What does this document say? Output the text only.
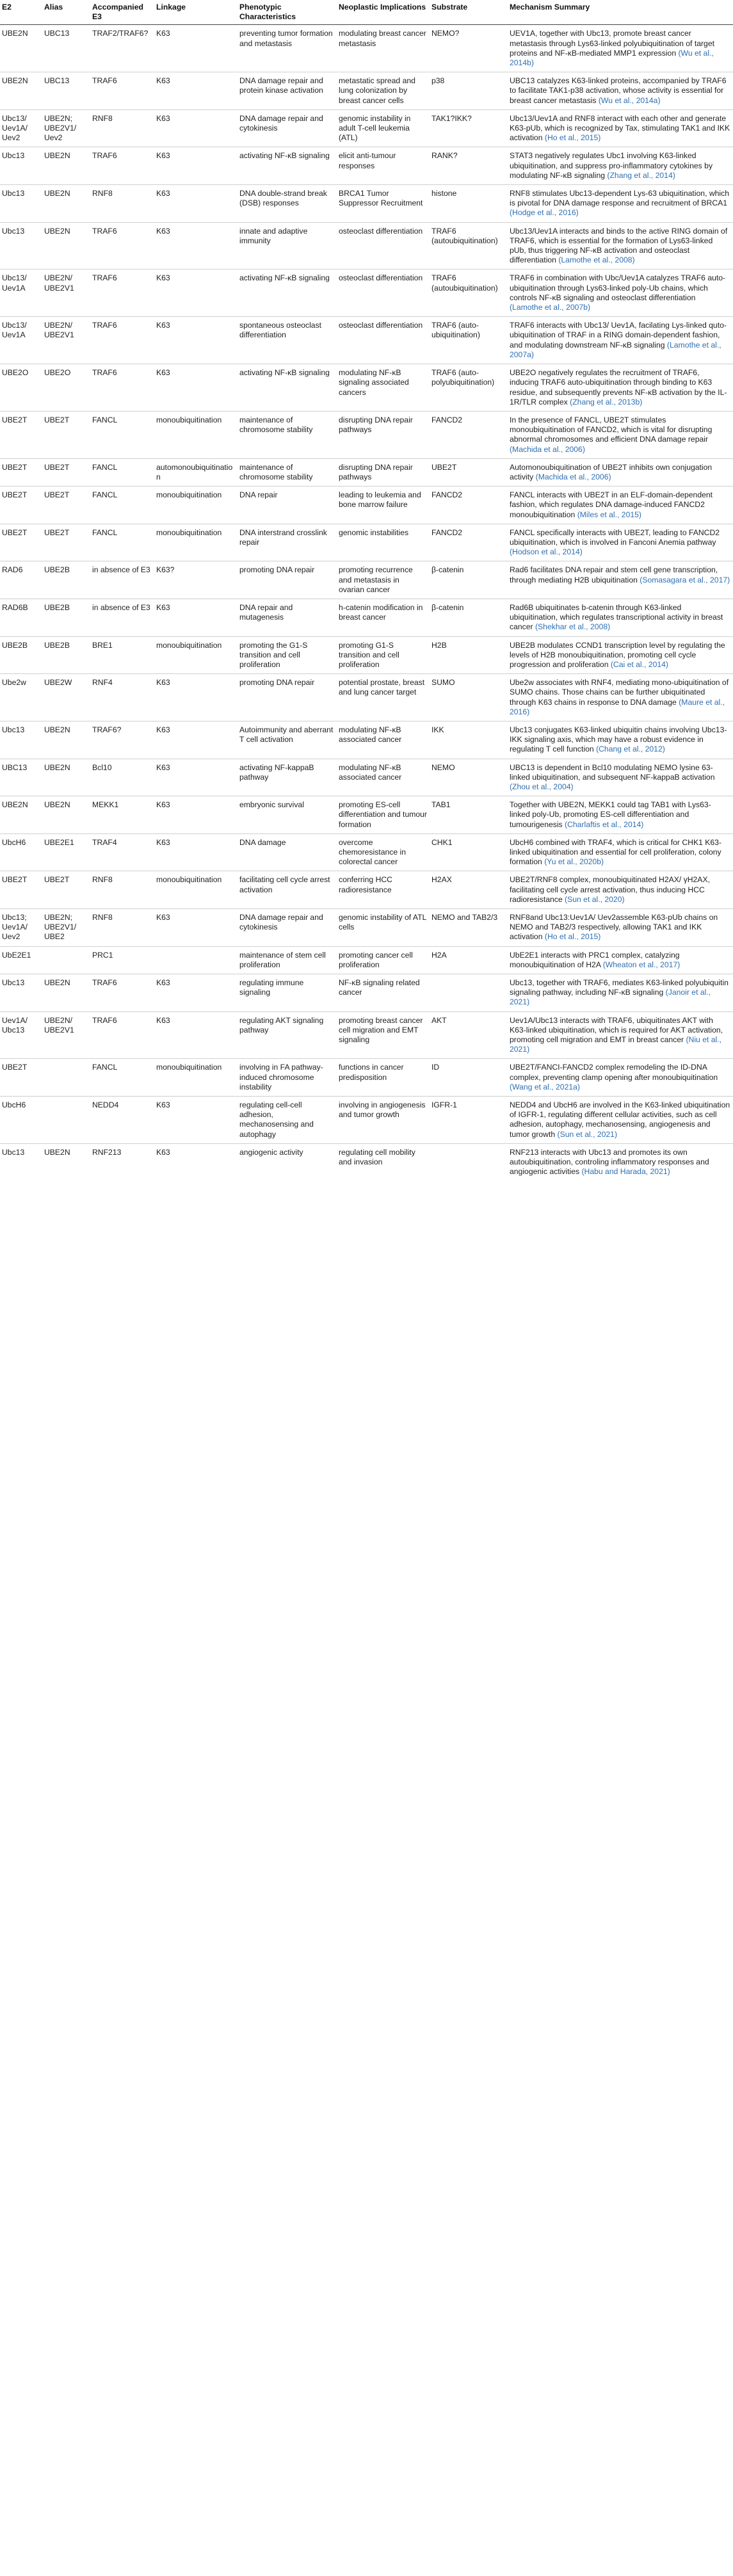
E2	Alias	Accompanied E3	Linkage	Phenotypic Characteristics	Neoplastic Implications	Substrate	Mechanism Summary
UBE2N	UBC13	TRAF2/TRAF6?	K63	preventing tumor formation and metastasis	modulating breast cancer metastasis	NEMO?	UEV1A, together with Ubc13, promote breast cancer metastasis through Lys63-linked polyubiquitination of target proteins and NF-κB-mediated MMP1 expression (Wu et al., 2014b)
UBE2N	UBC13	TRAF6	K63	DNA damage repair and protein kinase activation	metastatic spread and lung colonization by breast cancer cells	p38	UBC13 catalyzes K63-linked proteins, accompanied by TRAF6 to facilitate TAK1-p38 activation, whose activity is essential for breast cancer metastasis (Wu et al., 2014a)
Ubc13/ Uev1A/ Uev2	UBE2N; UBE2V1/ Uev2	RNF8	K63	DNA damage repair and cytokinesis	genomic instability in adult T-cell leukemia (ATL)	TAK1?IKK?	Ubc13/Uev1A and RNF8 interact with each other and generate K63-pUb, which is recognized by Tax, stimulating TAK1 and IKK activation (Ho et al., 2015)
Ubc13	UBE2N	TRAF6	K63	activating NF-κB signaling	elicit anti-tumour responses	RANK?	STAT3 negatively regulates Ubc1 involving K63-linked ubiquitination, and suppress pro-inflammatory cytokines by modulating NF-κB signaling (Zhang et al., 2014)
Ubc13	UBE2N	RNF8	K63	DNA double-strand break (DSB) responses	BRCA1 Tumor Suppressor Recruitment	histone	RNF8 stimulates Ubc13-dependent Lys-63 ubiquitination, which is pivotal for DNA damage response and recruitment of BRCA1 (Hodge et al., 2016)
Ubc13	UBE2N	TRAF6	K63	innate and adaptive immunity	osteoclast differentiation	TRAF6 (autoubiquitination)	Ubc13/Uev1A interacts and binds to the active RING domain of TRAF6, which is essential for the formation of Lys63-linked pUb, thus triggering NF-κB activation and osteoclast differentiation (Lamothe et al., 2008)
Ubc13/ Uev1A	UBE2N/ UBE2V1	TRAF6	K63	activating NF-κB signaling	osteoclast differentiation	TRAF6 (autoubiquitination)	TRAF6 in combination with Ubc/Uev1A catalyzes TRAF6 auto-ubiquitination through Lys63-linked poly-Ub chains, which controls NF-κB signaling and osteoclast differentiation (Lamothe et al., 2007b)
Ubc13/ Uev1A	UBE2N/ UBE2V1	TRAF6	K63	spontaneous osteoclast differentiation	osteoclast differentiation	TRAF6 (auto-ubiquitination)	TRAF6 interacts with Ubc13/ Uev1A, facilating Lys-linked quto-ubiquitination of TRAF in a RING domain-dependent fashion, and modulating downstream NF-κB signaling (Lamothe et al., 2007a)
UBE2O	UBE2O	TRAF6	K63	activating NF-κB signaling	modulating NF-κB signaling associated cancers	TRAF6 (auto-polyubiquitination)	UBE2O negatively regulates the recruitment of TRAF6, inducing TRAF6 auto-ubiquitination through binding to K63 residue, and subsequently prevents NF-κB activation by the IL-1R/TLR complex (Zhang et al., 2013b)
UBE2T	UBE2T	FANCL	monoubiquitination	maintenance of chromosome stability	disrupting DNA repair pathways	FANCD2	In the presence of FANCL, UBE2T stimulates monoubiquitination of FANCD2, which is vital for disrupting abnormal chromosomes and efficient DNA damage repair (Machida et al., 2006)
UBE2T	UBE2T	FANCL	automonoubiquitination	maintenance of chromosome stability	disrupting DNA repair pathways	UBE2T	Automonoubiquitination of UBE2T inhibits own conjugation activity (Machida et al., 2006)
UBE2T	UBE2T	FANCL	monoubiquitination	DNA repair	leading to leukemia and bone marrow failure	FANCD2	FANCL interacts with UBE2T in an ELF-domain-dependent fashion, which regulates DNA damage-induced FANCD2 monoubiquitination (Miles et al., 2015)
UBE2T	UBE2T	FANCL	monoubiquitination	DNA interstrand crosslink repair	genomic instabilities	FANCD2	FANCL specifically interacts with UBE2T, leading to FANCD2 ubiquitination, which is involved in Fanconi Anemia pathway (Hodson et al., 2014)
RAD6	UBE2B	in absence of E3	K63?	promoting DNA repair	promoting recurrence and metastasis in ovarian cancer	β-catenin	Rad6 facilitates DNA repair and stem cell gene transcription, through mediating H2B ubiquitination (Somasagara et al., 2017)
RAD6B	UBE2B	in absence of E3	K63	DNA repair and mutagenesis	h-catenin modification in breast cancer	β-catenin	Rad6B ubiquitinates b-catenin through K63-linked ubiquitination, which regulates transcriptional activity in breast cancer (Shekhar et al., 2008)
UBE2B	UBE2B	BRE1	monoubiquitination	promoting the G1-S transition and cell proliferation	promoting G1-S transition and cell proliferation	H2B	UBE2B modulates CCND1 transcription level by regulating the levels of H2B monoubiquitination, promoting cell cycle progression and proliferation (Cai et al., 2014)
Ube2w	UBE2W	RNF4	K63	promoting DNA repair	potential prostate, breast and lung cancer target	SUMO	Ube2w associates with RNF4, mediating mono-ubiquitination of SUMO chains. Those chains can be further ubiquitinated through K63 chains in response to DNA damage (Maure et al., 2016)
Ubc13	UBE2N	TRAF6?	K63	Autoimmunity and aberrant T cell activation	modulating NF-κB associated cancer	IKK	Ubc13 conjugates K63-linked ubiquitin chains involving Ubc13-IKK signaling axis, which may have a robust evidence in regulating T cell function (Chang et al., 2012)
UBC13	UBE2N	Bcl10	K63	activating NF-kappaB pathway	modulating NF-κB associated cancer	NEMO	UBC13 is dependent in Bcl10 modulating NEMO lysine 63-linked ubiquitination, and subsequent NF-kappaB activation (Zhou et al., 2004)
UBE2N	UBE2N	MEKK1	K63	embryonic survival	promoting ES-cell differentiation and tumour formation	TAB1	Together with UBE2N, MEKK1 could tag TAB1 with Lys63-linked poly-Ub, promoting ES-cell differentiation and tumourigenesis (Charlaftis et al., 2014)
UbcH6	UBE2E1	TRAF4	K63	DNA damage	overcome chemoresistance in colorectal cancer	CHK1	UbcH6 combined with TRAF4, which is critical for CHK1 K63-linked ubiquitination and essential for cell proliferation, colony formation (Yu et al., 2020b)
UBE2T	UBE2T	RNF8	monoubiquitination	facilitating cell cycle arrest activation	conferring HCC radioresistance	H2AX	UBE2T/RNF8 complex, monoubiquitinated H2AX/ γH2AX, facilitating cell cycle arrest activation, thus inducing HCC radioresistance (Sun et al., 2020)
Ubc13; Uev1A/ Uev2	UBE2N; UBE2V1/ UBE2	RNF8	K63	DNA damage repair and cytokinesis	genomic instability of ATL cells	NEMO and TAB2/3	RNF8and Ubc13:Uev1A/ Uev2assemble K63-pUb chains on NEMO and TAB2/3 respectively, allowing TAK1 and IKK activation (Ho et al., 2015)
UbE2E1		PRC1		maintenance of stem cell proliferation	promoting cancer cell proliferation	H2A	UbE2E1 interacts with PRC1 complex, catalyzing monoubiquitination of H2A (Wheaton et al., 2017)
Ubc13	UBE2N	TRAF6	K63	regulating immune signaling	NF-κB signaling related cancer		Ubc13, together with TRAF6, mediates K63-linked polyubiquitin signaling pathway, including NF-κB signaling (Janoir et al., 2021)
Uev1A/ Ubc13	UBE2N/ UBE2V1	TRAF6	K63	regulating AKT signaling pathway	promoting breast cancer cell migration and EMT signaling	AKT	Uev1A/Ubc13 interacts with TRAF6, ubiquitinates AKT with K63-linked ubiquitination, which is required for AKT activation, promoting cell migration and EMT in breast cancer (Niu et al., 2021)
UBE2T		FANCL	monoubiquitination	involving in FA pathway-induced chromosome instability	functions in cancer predisposition	ID	UBE2T/FANCI-FANCD2 complex remodeling the ID-DNA complex, preventing clamp opening after monoubiquitination (Wang et al., 2021a)
UbcH6		NEDD4	K63	regulating cell-cell adhesion, mechanosensing and autophagy	involving in angiogenesis and tumor growth	IGFR-1	NEDD4 and UbcH6 are involved in the K63-linked ubiquitination of IGFR-1, regulating different cellular activities, such as cell adhesion, autophagy, mechanosensing, angiogenesis and tumor growth (Sun et al., 2021)
Ubc13	UBE2N	RNF213	K63	angiogenic activity	regulating cell mobility and invasion		RNF213 interacts with Ubc13 and promotes its own autoubiquitination, controling inflammatory responses and angiogenic activities (Habu and Harada, 2021)
